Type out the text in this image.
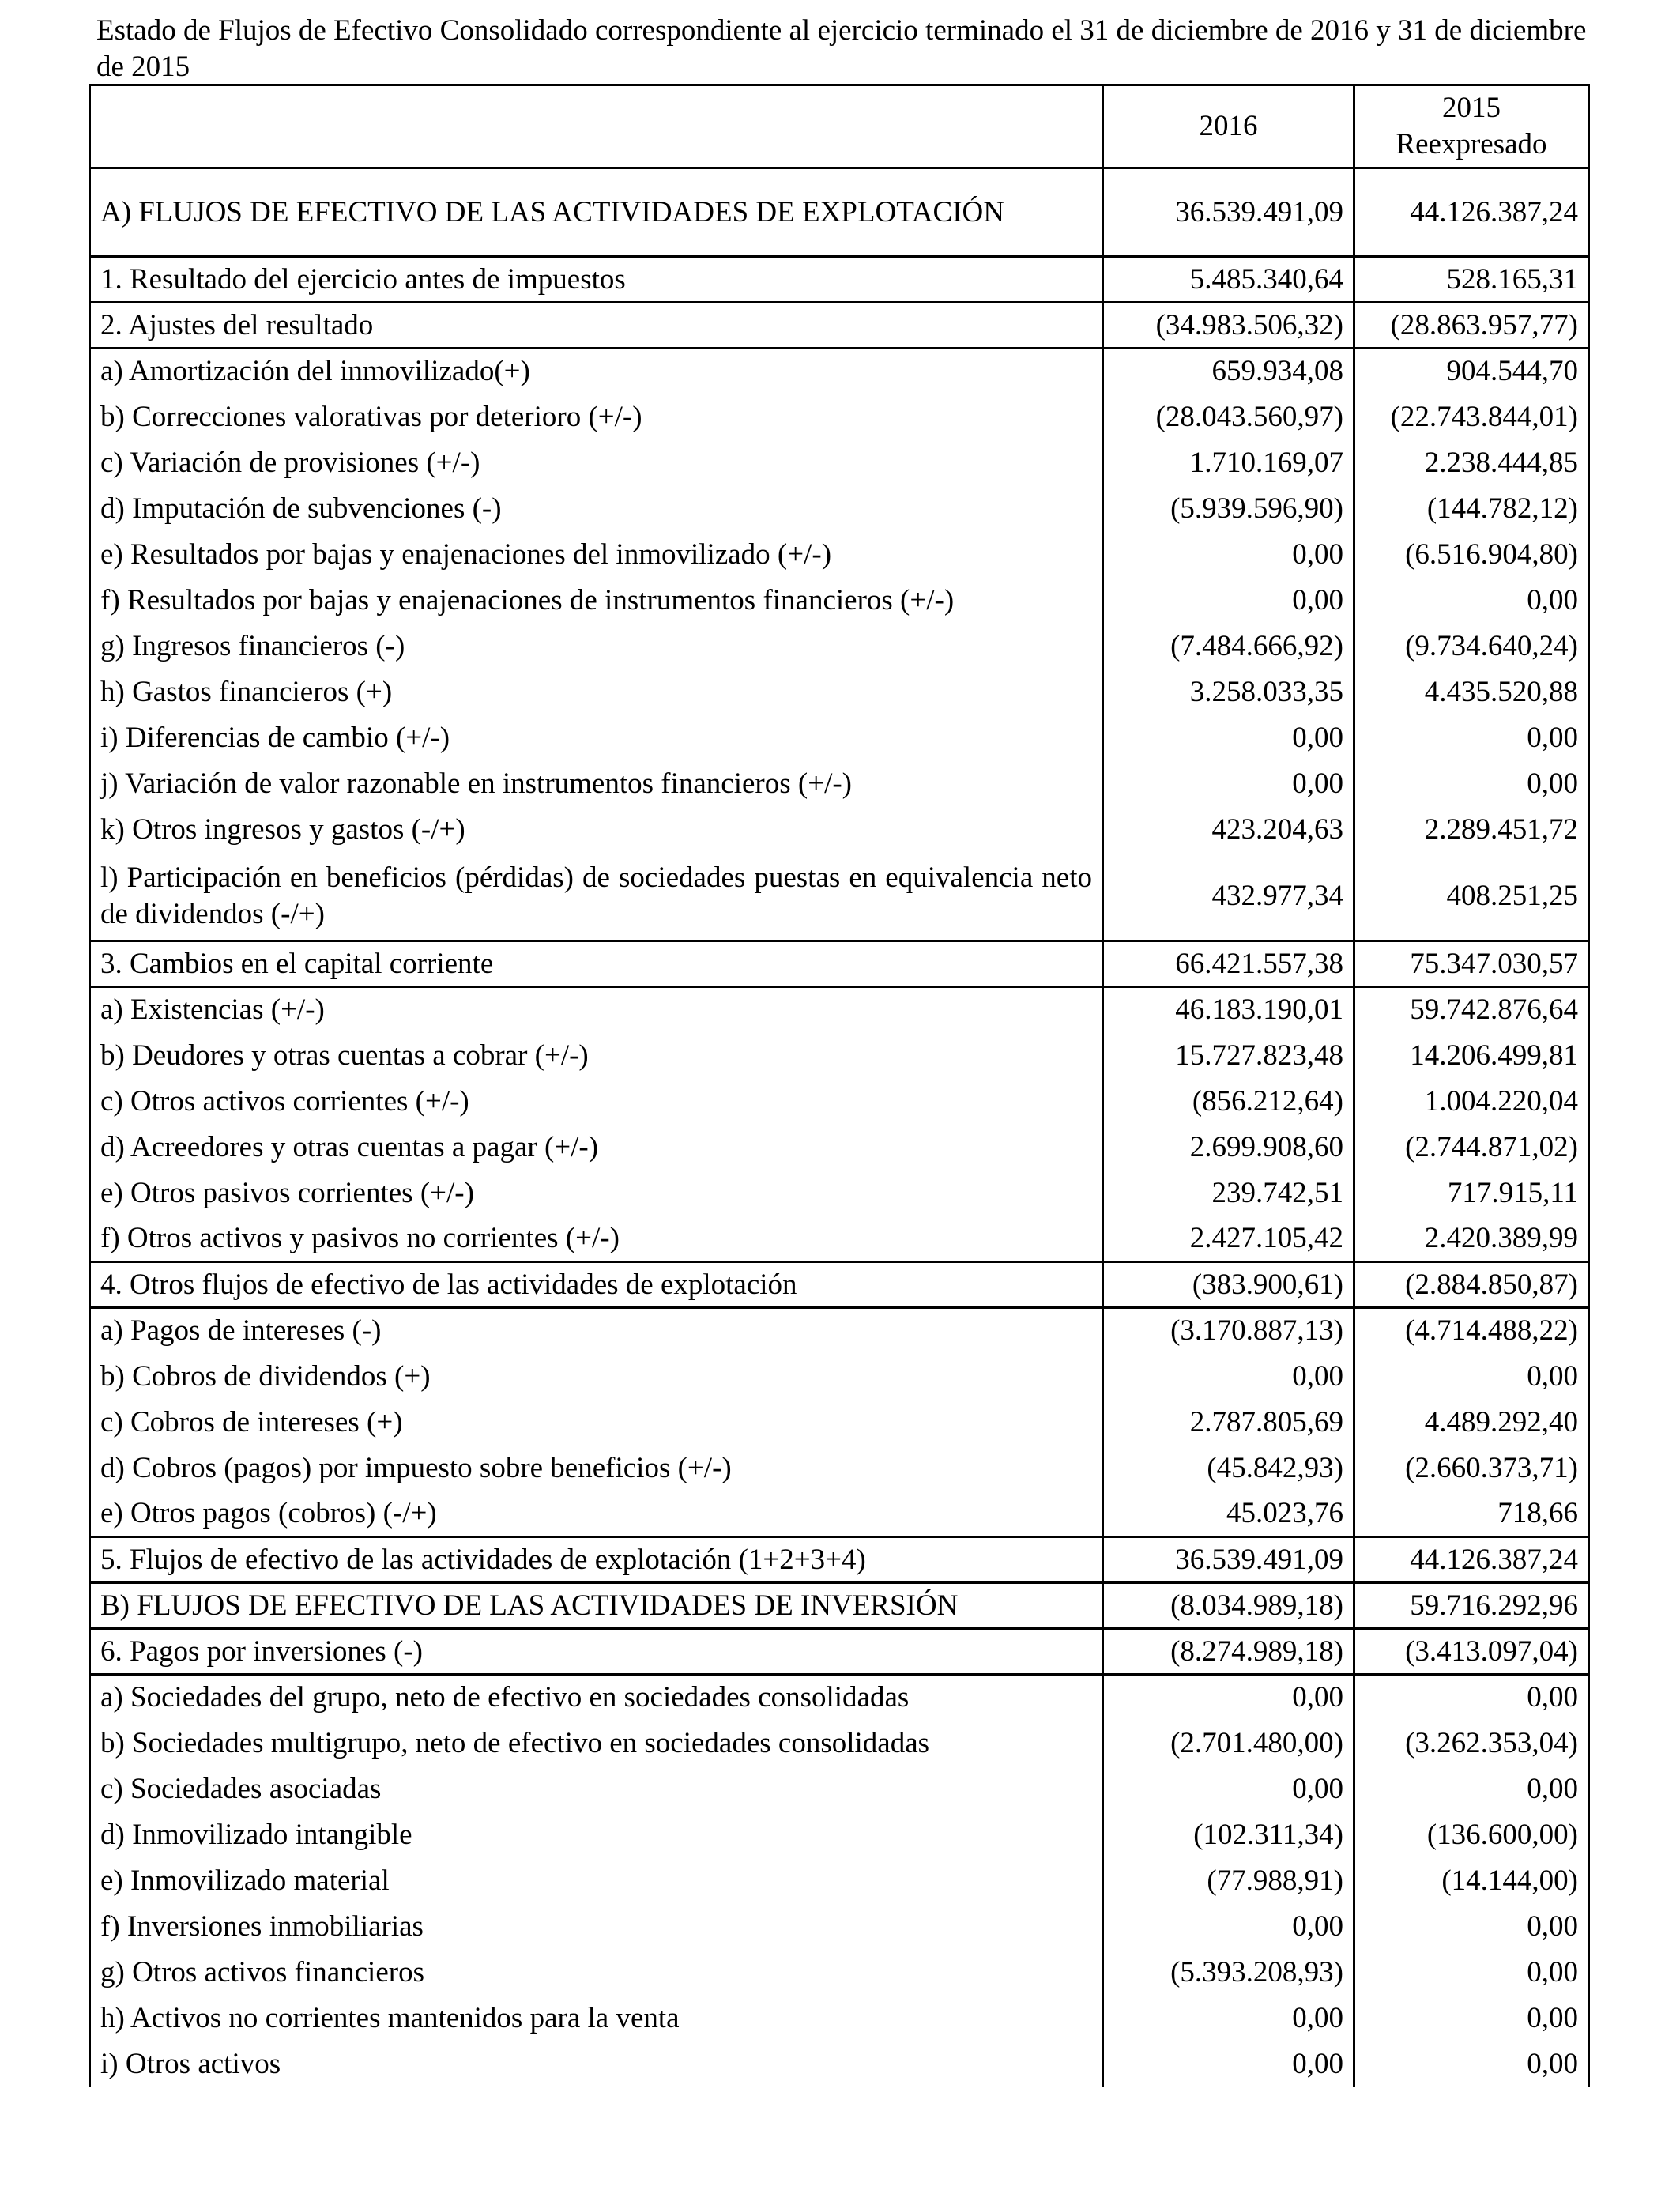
Estado de Flujos de Efectivo Consolidado correspondiente al ejercicio terminado el 31 de diciembre de 2016 y 31 de diciembre de 2015
	2016	2015
Reexpresado

A) FLUJOS DE EFECTIVO DE LAS ACTIVIDADES DE EXPLOTACIÓN	36.539.491,09	44.126.387,24
1. Resultado del ejercicio antes de impuestos	5.485.340,64	528.165,31
2. Ajustes del resultado	(34.983.506,32)	(28.863.957,77)
a) Amortización del inmovilizado(+)	659.934,08	904.544,70
b) Correcciones valorativas por deterioro (+/-)	(28.043.560,97)	(22.743.844,01)
c) Variación de provisiones (+/-)	1.710.169,07	2.238.444,85
d) Imputación de subvenciones (-)	(5.939.596,90)	(144.782,12)
e) Resultados por bajas y enajenaciones del inmovilizado (+/-)	0,00	(6.516.904,80)
f) Resultados por bajas y enajenaciones de instrumentos financieros (+/-)	0,00	0,00
g) Ingresos financieros (-)	(7.484.666,92)	(9.734.640,24)
h) Gastos financieros (+)	3.258.033,35	4.435.520,88
i) Diferencias de cambio (+/-)	0,00	0,00
j) Variación de valor razonable en instrumentos financieros (+/-)	0,00	0,00
k) Otros ingresos y gastos (-/+)	423.204,63	2.289.451,72
l) Participación en beneficios (pérdidas) de sociedades puestas en equivalencia neto de dividendos (-/+)	432.977,34	408.251,25
3. Cambios en el capital corriente	66.421.557,38	75.347.030,57
a) Existencias (+/-)	46.183.190,01	59.742.876,64
b) Deudores y otras cuentas a cobrar (+/-)	15.727.823,48	14.206.499,81
c) Otros activos corrientes (+/-)	(856.212,64)	1.004.220,04
d) Acreedores y otras cuentas a pagar (+/-)	2.699.908,60	(2.744.871,02)
e) Otros pasivos corrientes (+/-)	239.742,51	717.915,11
f) Otros activos y pasivos no corrientes (+/-)	2.427.105,42	2.420.389,99
4. Otros flujos de efectivo de las actividades de explotación	(383.900,61)	(2.884.850,87)
a) Pagos de intereses (-)	(3.170.887,13)	(4.714.488,22)
b) Cobros de dividendos (+)	0,00	0,00
c) Cobros de intereses (+)	2.787.805,69	4.489.292,40
d) Cobros (pagos) por impuesto sobre beneficios (+/-)	(45.842,93)	(2.660.373,71)
e) Otros pagos (cobros) (-/+)	45.023,76	718,66
5. Flujos de efectivo de las actividades de explotación (1+2+3+4)	36.539.491,09	44.126.387,24
B) FLUJOS DE EFECTIVO DE LAS ACTIVIDADES DE INVERSIÓN	(8.034.989,18)	59.716.292,96
6. Pagos por inversiones (-)	(8.274.989,18)	(3.413.097,04)
a) Sociedades del grupo, neto de efectivo en sociedades consolidadas	0,00	0,00
b) Sociedades multigrupo, neto de efectivo en sociedades consolidadas	(2.701.480,00)	(3.262.353,04)
c) Sociedades asociadas	0,00	0,00
d) Inmovilizado intangible	(102.311,34)	(136.600,00)
e) Inmovilizado material	(77.988,91)	(14.144,00)
f) Inversiones inmobiliarias	0,00	0,00
g) Otros activos financieros	(5.393.208,93)	0,00
h) Activos no corrientes mantenidos para la venta	0,00	0,00
i) Otros activos	0,00	0,00
